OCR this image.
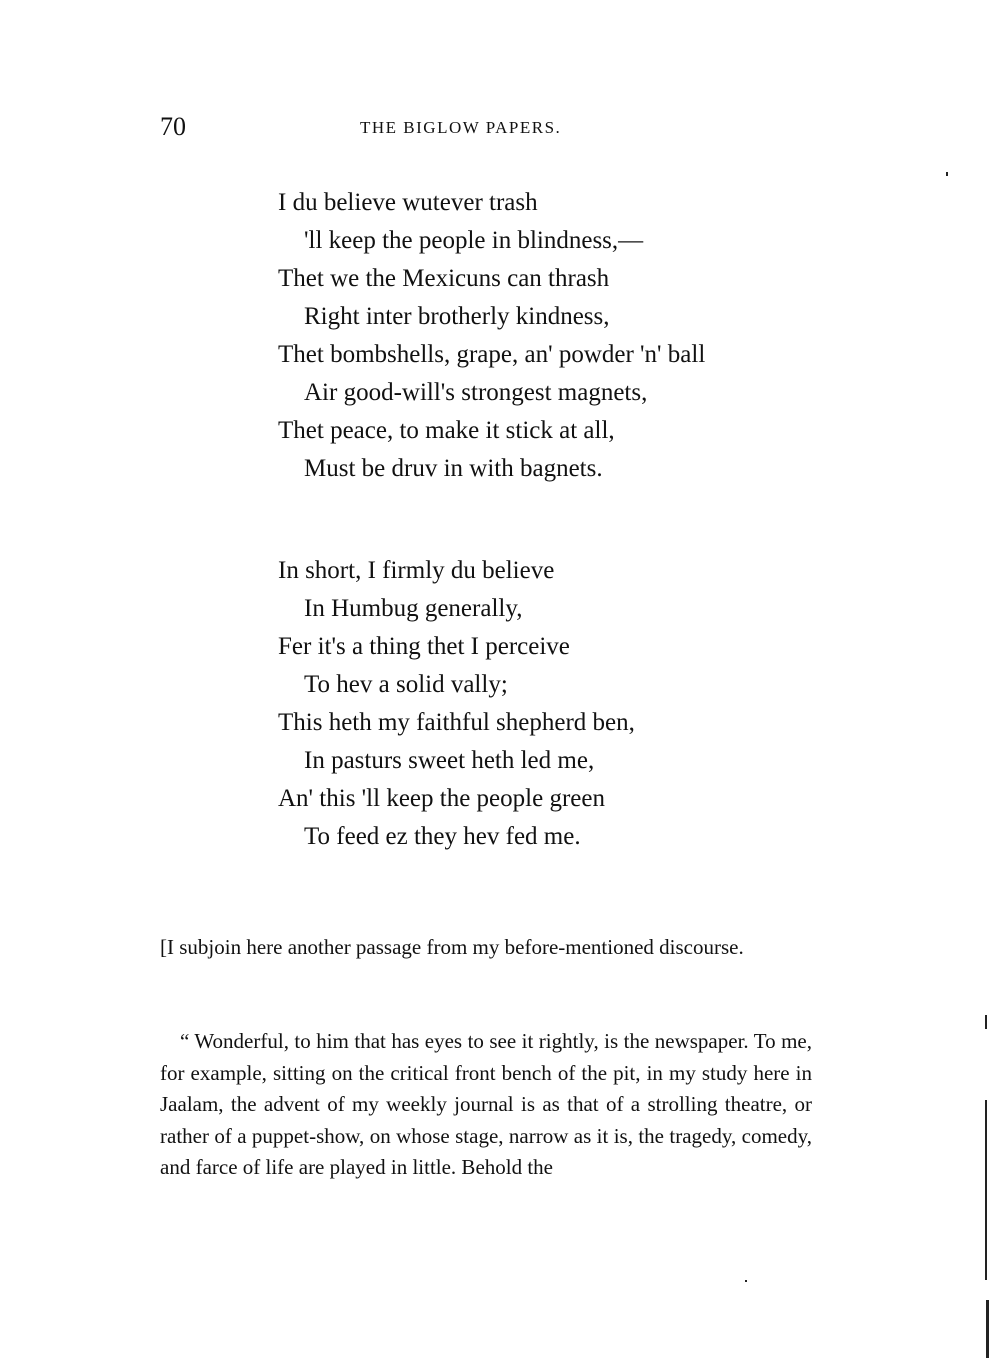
70	THE BIGLOW PAPERS.
I du believe wutever trash
'll keep the people in blindness,—
Thet we the Mexicuns can thrash
Right inter brotherly kindness,
Thet bombshells, grape, an' powder 'n' ball
Air good-will's strongest magnets,
Thet peace, to make it stick at all,
Must be druv in with bagnets.
In short, I firmly du believe
In Humbug generally,
Fer it's a thing thet I perceive
To hev a solid vally;
This heth my faithful shepherd ben,
In pasturs sweet heth led me,
An' this 'll keep the people green
To feed ez they hev fed me.

[I subjoin here another passage from my before-mentioned discourse.

“ Wonderful, to him that has eyes to see it rightly, is the newspaper. To me, for example, sitting on the critical front bench of the pit, in my study here in Jaalam, the advent of my weekly journal is as that of a strolling theatre, or rather of a puppet-show, on whose stage, narrow as it is, the tragedy, comedy, and farce of life are played in little. Behold the
